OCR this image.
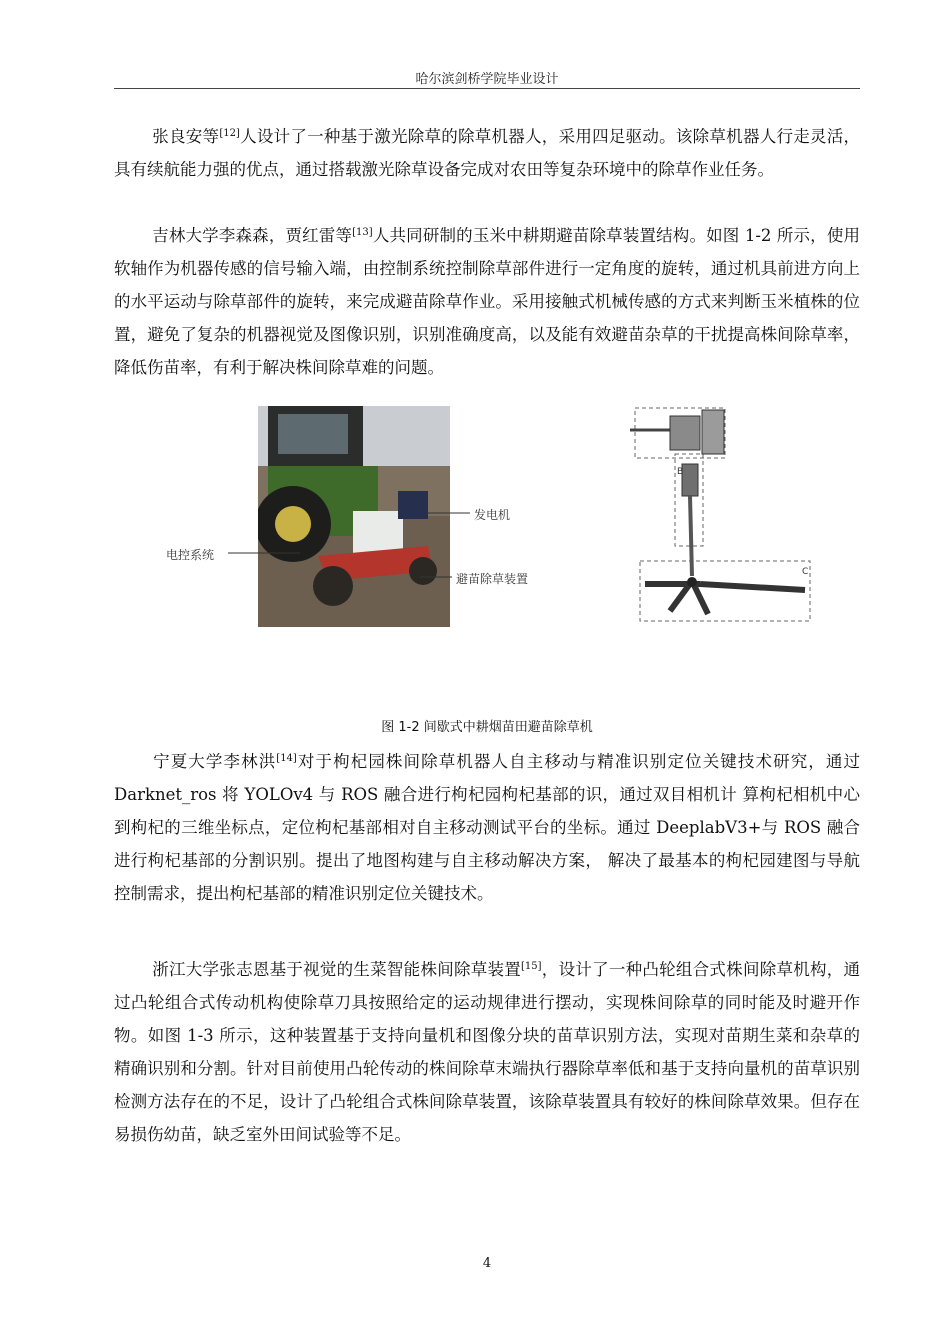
哈尔滨剑桥学院毕业设计

张良安等[12]人设计了一种基于激光除草的除草机器人，采用四足驱动。该除草机器人行走灵活，具有续航能力强的优点，通过搭载激光除草设备完成对农田等复杂环境中的除草作业任务。

吉林大学李森森，贾红雷等[13]人共同研制的玉米中耕期避苗除草装置结构。如图 1-2 所示，使用软轴作为机器传感的信号输入端，由控制系统控制除草部件进行一定角度的旋转，通过机具前进方向上的水平运动与除草部件的旋转，来完成避苗除草作业。采用接触式机械传感的方式来判断玉米植株的位置，避免了复杂的机器视觉及图像识别，识别准确度高，以及能有效避苗杂草的干扰提高株间除草率，降低伤苗率，有利于解决株间除草难的问题。

发电机
电控系统
避苗除草装置
B
C
图 1-2 间歇式中耕烟苗田避苗除草机

宁夏大学李林洪[14]对于枸杞园株间除草机器人自主移动与精准识别定位关键技术研究，通过 Darknet_ros 将 YOLOv4 与 ROS 融合进行枸杞园枸杞基部的识，通过双目相机计 算枸杞相机中心到枸杞的三维坐标点，定位枸杞基部相对自主移动测试平台的坐标。通过 DeeplabV3+与 ROS 融合进行枸杞基部的分割识别。提出了地图构建与自主移动解决方案， 解决了最基本的枸杞园建图与导航控制需求，提出枸杞基部的精准识别定位关键技术。

浙江大学张志恩基于视觉的生菜智能株间除草装置[15]，设计了一种凸轮组合式株间除草机构，通过凸轮组合式传动机构使除草刀具按照给定的运动规律进行摆动，实现株间除草的同时能及时避开作物。如图 1-3 所示，这种装置基于支持向量机和图像分块的苗草识别方法，实现对苗期生菜和杂草的精确识别和分割。针对目前使用凸轮传动的株间除草末端执行器除草率低和基于支持向量机的苗草识别检测方法存在的不足，设计了凸轮组合式株间除草装置，该除草装置具有较好的株间除草效果。但存在易损伤幼苗，缺乏室外田间试验等不足。

4
